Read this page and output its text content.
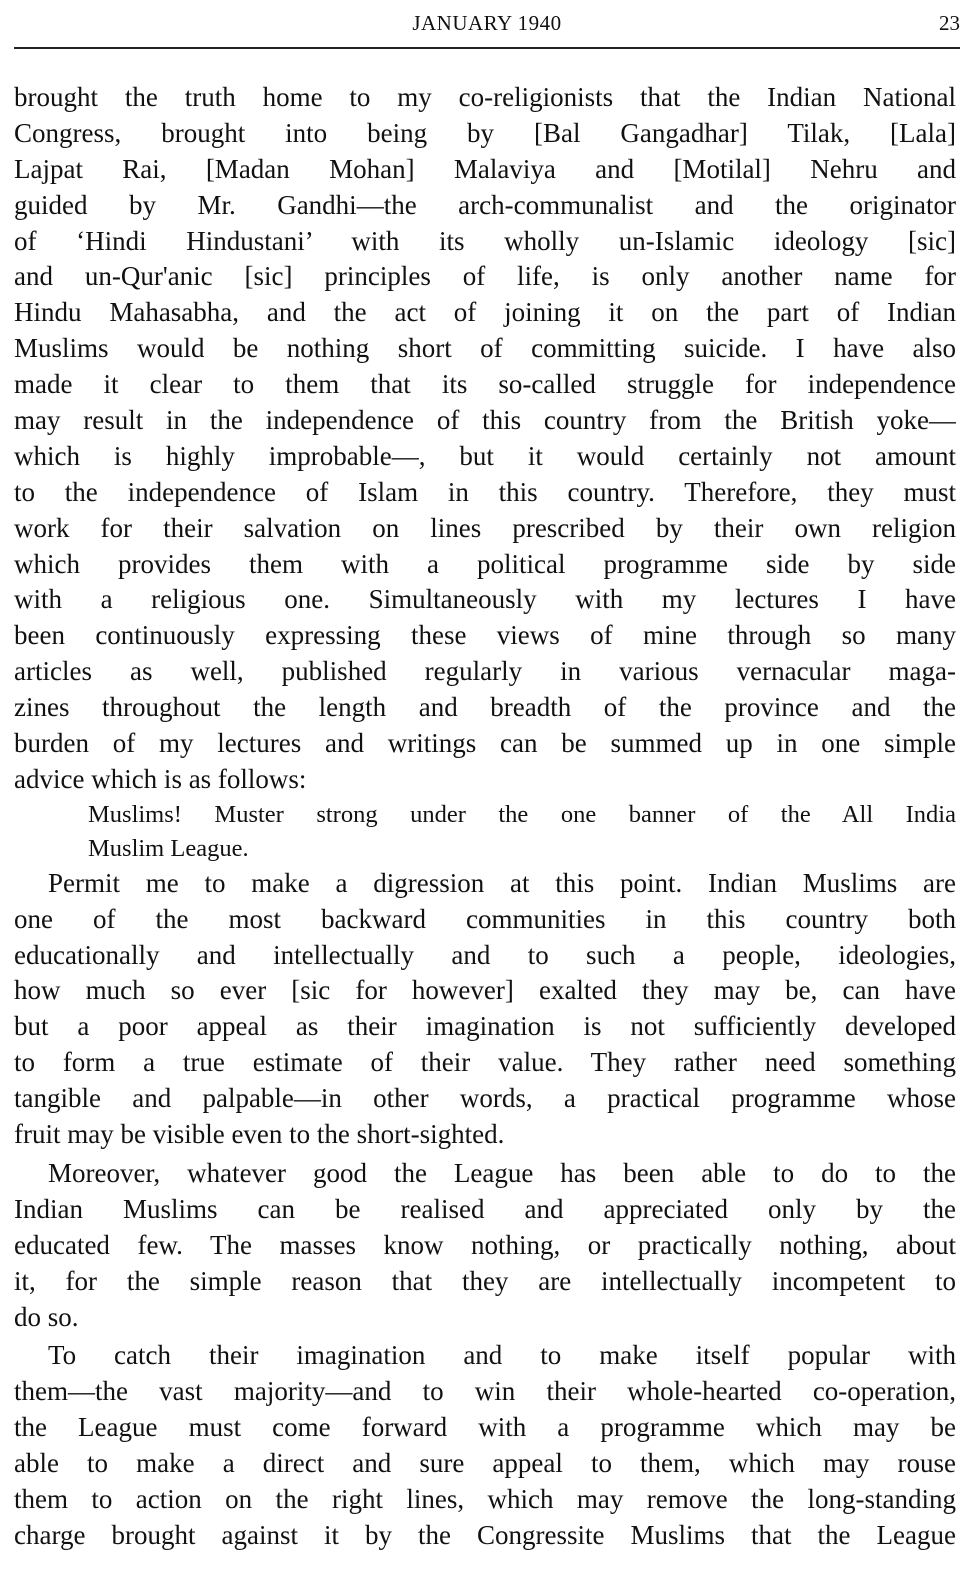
JANUARY 1940	23
brought the truth home to my co-religionists that the Indian National
Congress, brought into being by [Bal Gangadhar] Tilak, [Lala]
Lajpat Rai, [Madan Mohan] Malaviya and [Motilal] Nehru and
guided by Mr. Gandhi—the arch-communalist and the originator
of ‘Hindi Hindustani’ with its wholly un-Islamic ideology [sic]
and un-Qur'anic [sic] principles of life, is only another name for
Hindu Mahasabha, and the act of joining it on the part of Indian
Muslims would be nothing short of committing suicide. I have also
made it clear to them that its so-called struggle for independence
may result in the independence of this country from the British yoke—
which is highly improbable—, but it would certainly not amount
to the independence of Islam in this country. Therefore, they must
work for their salvation on lines prescribed by their own religion
which provides them with a political programme side by side
with a religious one. Simultaneously with my lectures I have
been continuously expressing these views of mine through so many
articles as well, published regularly in various vernacular maga-
zines throughout the length and breadth of the province and the
burden of my lectures and writings can be summed up in one simple
advice which is as follows:
Muslims! Muster strong under the one banner of the All India
Muslim League.
Permit me to make a digression at this point. Indian Muslims are
one of the most backward communities in this country both
educationally and intellectually and to such a people, ideologies,
how much so ever [sic for however] exalted they may be, can have
but a poor appeal as their imagination is not sufficiently developed
to form a true estimate of their value. They rather need something
tangible and palpable—in other words, a practical programme whose
fruit may be visible even to the short-sighted.
Moreover, whatever good the League has been able to do to the
Indian Muslims can be realised and appreciated only by the
educated few. The masses know nothing, or practically nothing, about
it, for the simple reason that they are intellectually incompetent to
do so.
To catch their imagination and to make itself popular with
them—the vast majority—and to win their whole-hearted co-operation,
the League must come forward with a programme which may be
able to make a direct and sure appeal to them, which may rouse
them to action on the right lines, which may remove the long-standing
charge brought against it by the Congressite Muslims that the League
